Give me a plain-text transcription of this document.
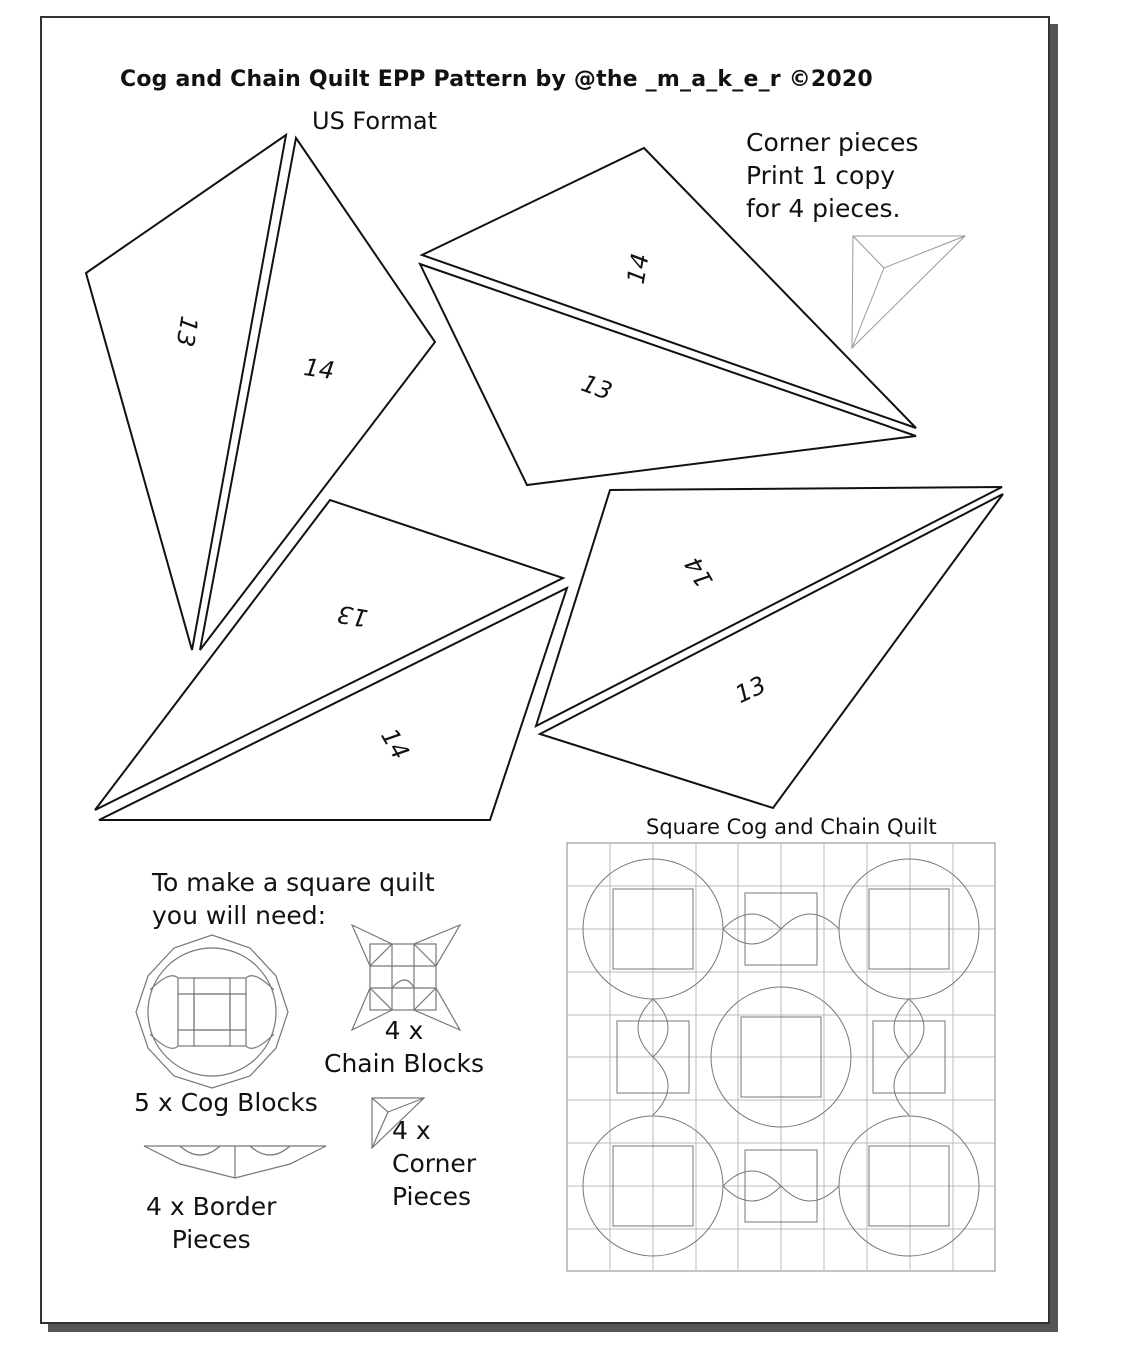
13
14
14
13
13
14
14
13
Cog and Chain Quilt EPP Pattern by @the _m_a_k_e_r ©2020
US Format
Corner pieces
Print 1 copy
for 4 pieces.
To make a square quilt
you will need:
5 x Cog Blocks
4 x
Chain Blocks
4 x
Corner
Pieces
4 x Border
Pieces
Square Cog and Chain Quilt
